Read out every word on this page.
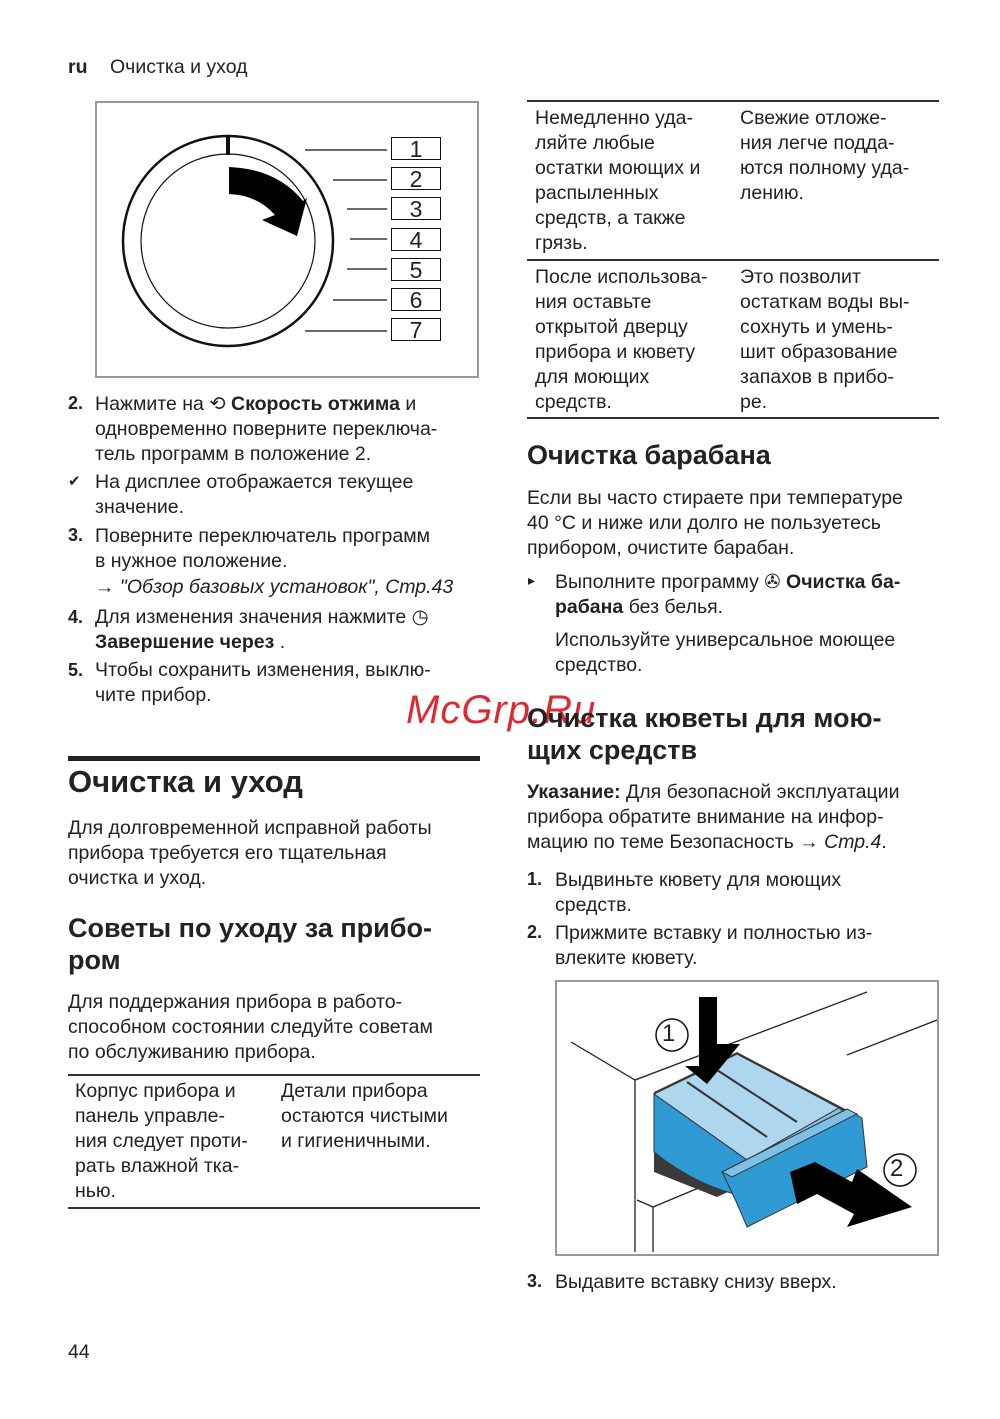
ru Очистка и уход
1
2
3
4
5
6
7
2. Нажмите на ⟲ Скорость отжима и
одновременно поверните переключа-
тель программ в положение 2.
✔ На дисплее отображается текущее
значение.
3. Поверните переключатель программ
в нужное положение.
→ "Обзор базовых установок", Стр.43
4. Для изменения значения нажмите ◷
Завершение через .
5. Чтобы сохранить изменения, выклю-
чите прибор.	McGrp.Ru
Очистка и уход
Для долговременной исправной работы
прибора требуется его тщательная
очистка и уход.
Советы по уходу за прибо-
ром
Для поддержания прибора в работо-
способном состоянии следуйте советам
по обслуживанию прибора.
Корпус прибора и
панель управле-
ния следует проти-
рать влажной тка-
нью.
Детали прибора
остаются чистыми
и гигиеничными.
Немедленно уда-
ляйте любые
остатки моющих и
распыленных
средств, а также
грязь.
Свежие отложе-
ния легче подда-
ются полному уда-
лению.
После использова-
ния оставьте
открытой дверцу
прибора и кювету
для моющих
средств.
Это позволит
остаткам воды вы-
сохнуть и умень-
шит образование
запахов в прибо-
ре.
Очистка барабана
Если вы часто стираете при температуре
40 °C и ниже или долго не пользуетесь
прибором, очистите барабан.
▸ Выполните программу ✇ Очистка ба-
рабана без белья.
Используйте универсальное моющее
средство.
Очистка кюветы для мою-
щих средств
Указание: Для безопасной эксплуатации
прибора обратите внимание на инфор-
мацию по теме Безопасность → Стр.4.
1. Выдвиньте кювету для моющих
средств.
2. Прижмите вставку и полностью из-
влеките кювету.
1
2
3. Выдавите вставку снизу вверх.
44
